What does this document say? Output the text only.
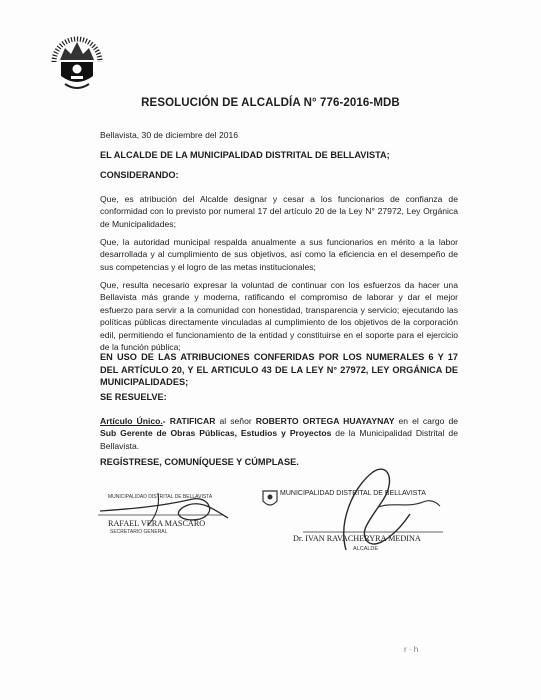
RESOLUCIÓN DE ALCALDÍA N° 776-2016-MDB
Bellavista, 30 de diciembre del 2016
EL ALCALDE DE LA MUNICIPALIDAD DISTRITAL DE BELLAVISTA;
CONSIDERANDO:
Que, es atribución del Alcalde designar y cesar a los funcionarios de confianza de conformidad con lo previsto por numeral 17 del artículo 20 de la Ley N° 27972, Ley Orgánica de Municipalidades;
Que, la autoridad municipal respalda anualmente a sus funcionarios en mérito a la labor desarrollada y al cumplimiento de sus objetivos, así como la eficiencia en el desempeño de sus competencias y el logro de las metas institucionales;
Que, resulta necesario expresar la voluntad de continuar con los esfuerzos da hacer una Bellavista más grande y moderna, ratificando el compromiso de laborar y dar el mejor esfuerzo para servir a la comunidad con honestidad, transparencia y servicio; ejecutando las políticas públicas directamente vinculadas al cumplimiento de los objetivos de la corporación edil, permitiendo el funcionamiento de la entidad y constituirse en el soporte para el ejercicio de la función pública;
EN USO DE LAS ATRIBUCIONES CONFERIDAS POR LOS NUMERALES 6 Y 17 DEL ARTÍCULO 20, Y EL ARTICULO 43 DE LA LEY N° 27972, LEY ORGÁNICA DE MUNICIPALIDADES;
SE RESUELVE:
Artículo Único.- RATIFICAR al señor ROBERTO ORTEGA HUAYAYNAY en el cargo de Sub Gerente de Obras Públicas, Estudios y Proyectos de la Municipalidad Distrital de Bellavista.
REGÍSTRESE, COMUNÍQUESE Y CÚMPLASE.
MUNICIPALIDAD DISTRITAL DE BELLAVISTA
RAFAEL VERA MASCARO
SECRETARIO GENERAL
MUNICIPALIDAD DISTRITAL DE BELLAVISTA
Dr. IVAN RAVACHERYRA MEDINA
ALCALDE
r · h
